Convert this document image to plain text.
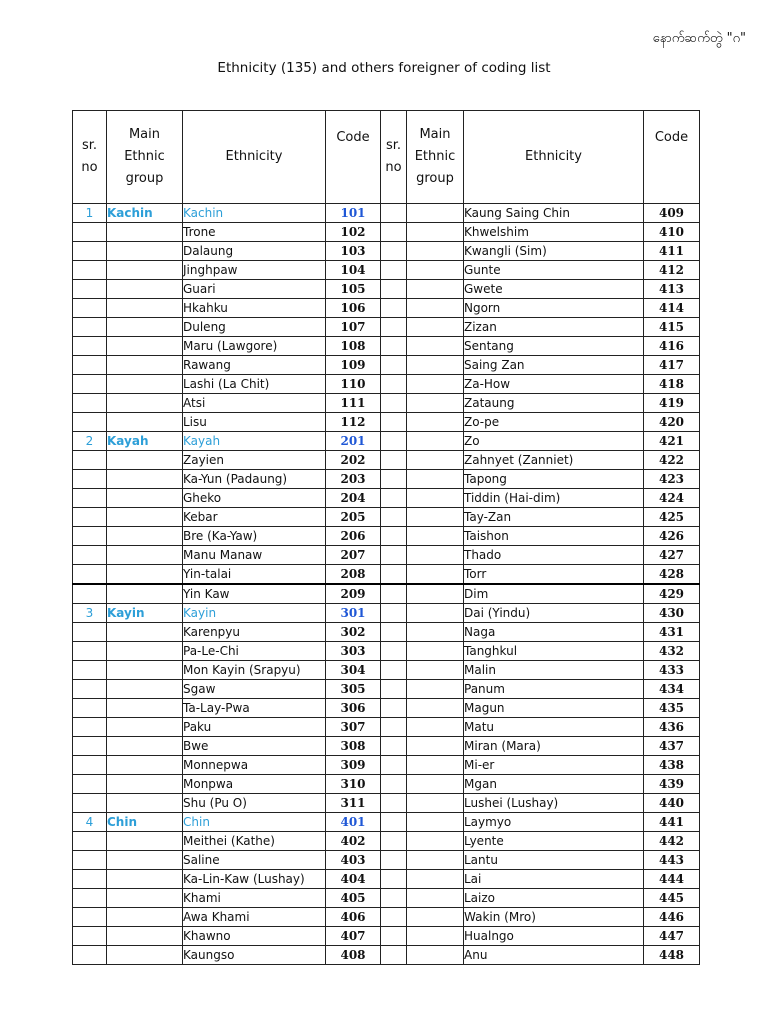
နောက်ဆက်တွဲ "ဂ"
Ethnicity (135) and others foreigner of coding list
sr.
no	Main
Ethnic
group	Ethnicity	Code	sr.
no	Main
Ethnic
group	Ethnicity	Code
1	Kachin	Kachin	101			Kaung Saing Chin	409
		Trone	102			Khwelshim	410
		Dalaung	103			Kwangli (Sim)	411
		Jinghpaw	104			Gunte	412
		Guari	105			Gwete	413
		Hkahku	106			Ngorn	414
		Duleng	107			Zizan	415
		Maru (Lawgore)	108			Sentang	416
		Rawang	109			Saing Zan	417
		Lashi (La Chit)	110			Za-How	418
		Atsi	111			Zataung	419
		Lisu	112			Zo-pe	420
2	Kayah	Kayah	201			Zo	421
		Zayien	202			Zahnyet (Zanniet)	422
		Ka-Yun (Padaung)	203			Tapong	423
		Gheko	204			Tiddin (Hai-dim)	424
		Kebar	205			Tay-Zan	425
		Bre (Ka-Yaw)	206			Taishon	426
		Manu Manaw	207			Thado	427
		Yin-talai	208			Torr	428
		Yin Kaw	209			Dim	429
3	Kayin	Kayin	301			Dai (Yindu)	430
		Karenpyu	302			Naga	431
		Pa-Le-Chi	303			Tanghkul	432
		Mon Kayin (Srapyu)	304			Malin	433
		Sgaw	305			Panum	434
		Ta-Lay-Pwa	306			Magun	435
		Paku	307			Matu	436
		Bwe	308			Miran (Mara)	437
		Monnepwa	309			Mi-er	438
		Monpwa	310			Mgan	439
		Shu (Pu O)	311			Lushei (Lushay)	440
4	Chin	Chin	401			Laymyo	441
		Meithei (Kathe)	402			Lyente	442
		Saline	403			Lantu	443
		Ka-Lin-Kaw (Lushay)	404			Lai	444
		Khami	405			Laizo	445
		Awa Khami	406			Wakin (Mro)	446
		Khawno	407			Hualngo	447
		Kaungso	408			Anu	448
